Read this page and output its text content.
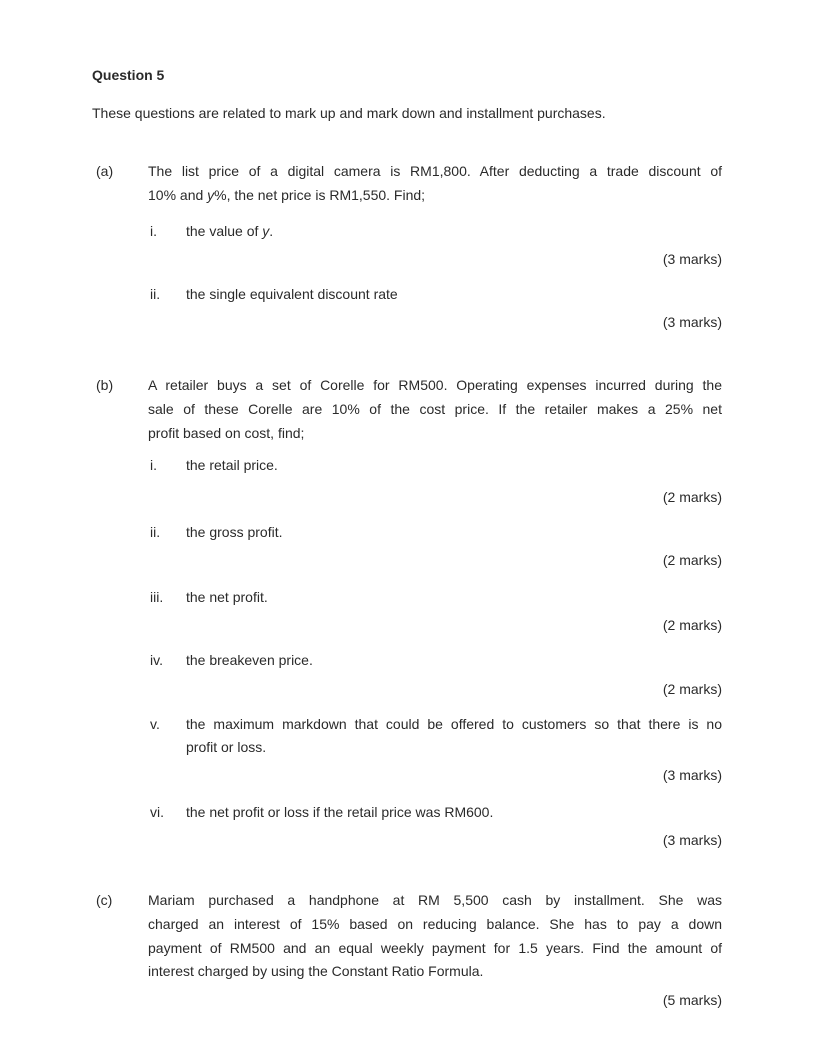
Question 5
These questions are related to mark up and mark down and installment purchases.
(a) The list price of a digital camera is RM1,800. After deducting a trade discount of
10% and y%, the net price is RM1,550. Find;
i. the value of y.
(3 marks)
ii. the single equivalent discount rate
(3 marks)
(b) A retailer buys a set of Corelle for RM500. Operating expenses incurred during the
sale of these Corelle are 10% of the cost price. If the retailer makes a 25% net
profit based on cost, find;
i. the retail price.
(2 marks)
ii. the gross profit.
(2 marks)
iii. the net profit.
(2 marks)
iv. the breakeven price.
(2 marks)
v. the maximum markdown that could be offered to customers so that there is no
profit or loss.
(3 marks)
vi. the net profit or loss if the retail price was RM600.
(3 marks)
(c)	Mariam purchased a handphone at RM 5,500 cash by installment. She was
charged an interest of 15% based on reducing balance. She has to pay a down
payment of RM500 and an equal weekly payment for 1.5 years. Find the amount of
interest charged by using the Constant Ratio Formula.
(5 marks)
